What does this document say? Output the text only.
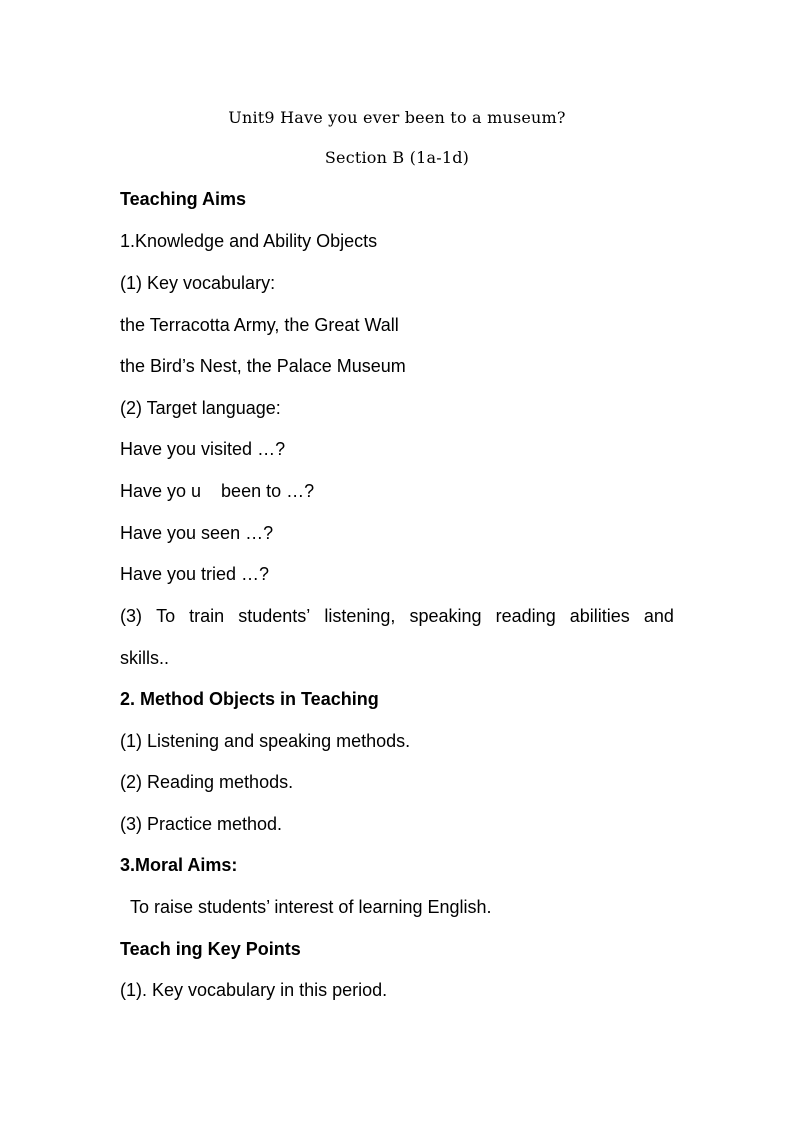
Unit9 Have you ever been to a museum?
Section B (1a-1d)
Teaching Aims
1.Knowledge and Ability Objects
(1) Key vocabulary:
the Terracotta Army, the Great Wall
the Bird’s Nest, the Palace Museum
(2) Target language:
Have you visited …?
Have yo u    been to …?
Have you seen …?
Have you tried …?
(3) To train students’ listening, speaking reading abilities and
skills..
2. Method Objects in Teaching
(1) Listening and speaking methods.
(2) Reading methods.
(3) Practice method.
3.Moral Aims:
To raise students’ interest of learning English.
Teach ing Key Points
(1). Key vocabulary in this period.
